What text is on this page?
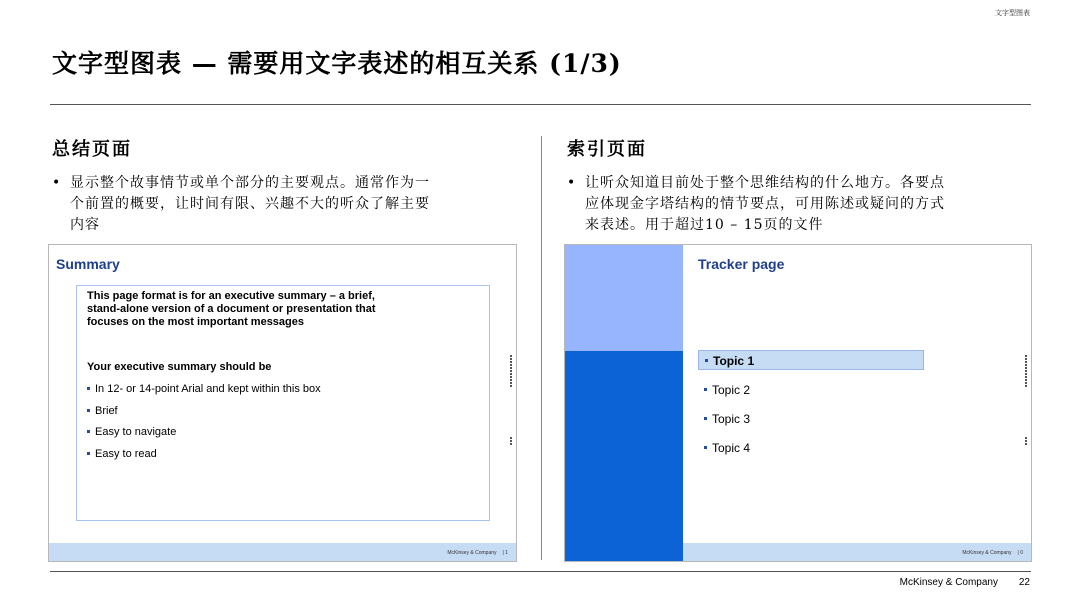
文字型图表
文字型图表 — 需要用文字表述的相互关系 (1/3)
总结页面
• 显示整个故事情节或单个部分的主要观点。通常作为一
个前置的概要，让时间有限、兴趣不大的听众了解主要
内容
Summary
This page format is for an executive summary – a brief,
stand-alone version of a document or presentation that
focuses on the most important messages
Your executive summary should be
In 12- or 14-point Arial and kept within this box
Brief
Easy to navigate
Easy to read
McKinsey & Company | 1
索引页面
• 让听众知道目前处于整个思维结构的什么地方。各要点
应体现金字塔结构的情节要点，可用陈述或疑问的方式
来表述。用于超过10 – 15页的文件
Tracker page
Topic 1
Topic 2
Topic 3
Topic 4
McKinsey & Company | 0
McKinsey & Company 22
